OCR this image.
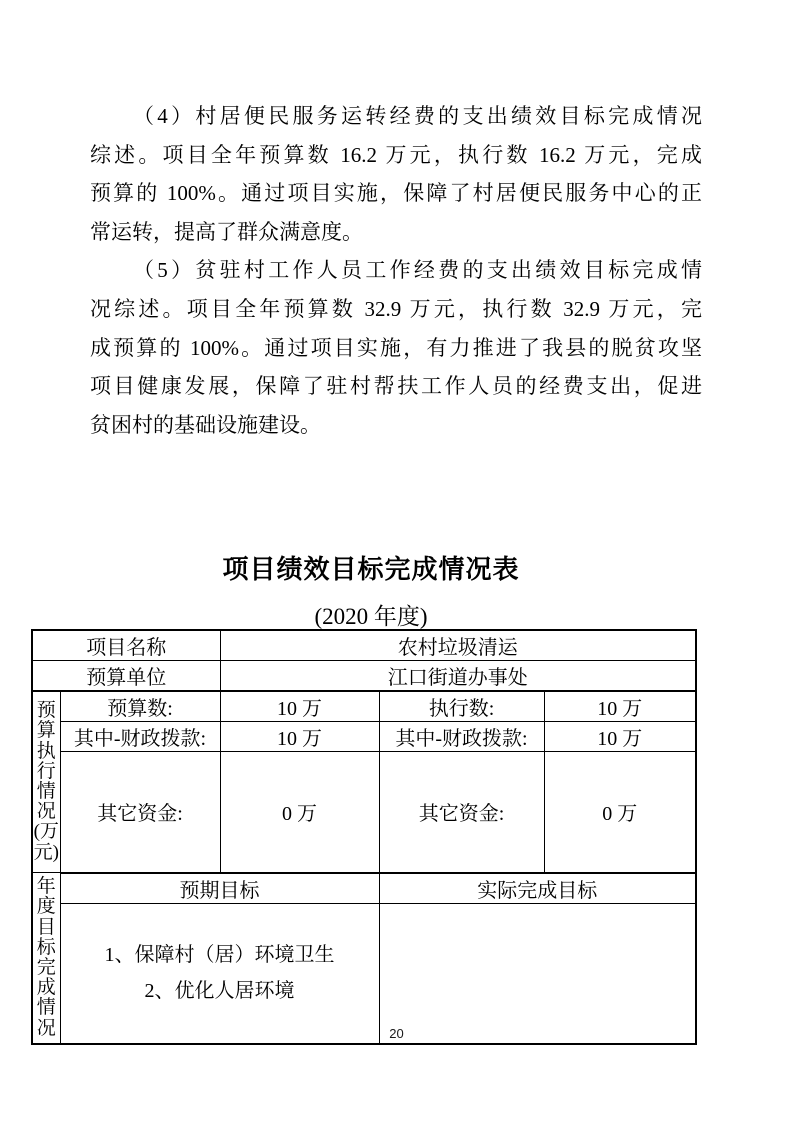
（4）村居便民服务运转经费的支出绩效目标完成情况
综述。项目全年预算数 16.2 万元，执行数 16.2 万元，完成
预算的 100%。通过项目实施，保障了村居便民服务中心的正
常运转，提高了群众满意度。
（5）贫驻村工作人员工作经费的支出绩效目标完成情
况综述。项目全年预算数 32.9 万元，执行数 32.9 万元，完
成预算的 100%。通过项目实施，有力推进了我县的脱贫攻坚
项目健康发展，保障了驻村帮扶工作人员的经费支出，促进
贫困村的基础设施建设。
项目绩效目标完成情况表
(2020 年度)
项目名称		农村垃圾清运		
预算单位		江口街道办事处		

预
算
执
行
情
况
(万
元)
	预算数:	10 万	执行数:	10 万
	其中-财政拨款:	10 万	其中-财政拨款:	10 万
	其它资金:	0 万	其它资金:	0 万

年
度
目
标
完
成
情
况
	预期目标	实际完成目标

	1、保障村（居）环境卫生
2、优化人居环境			

20
